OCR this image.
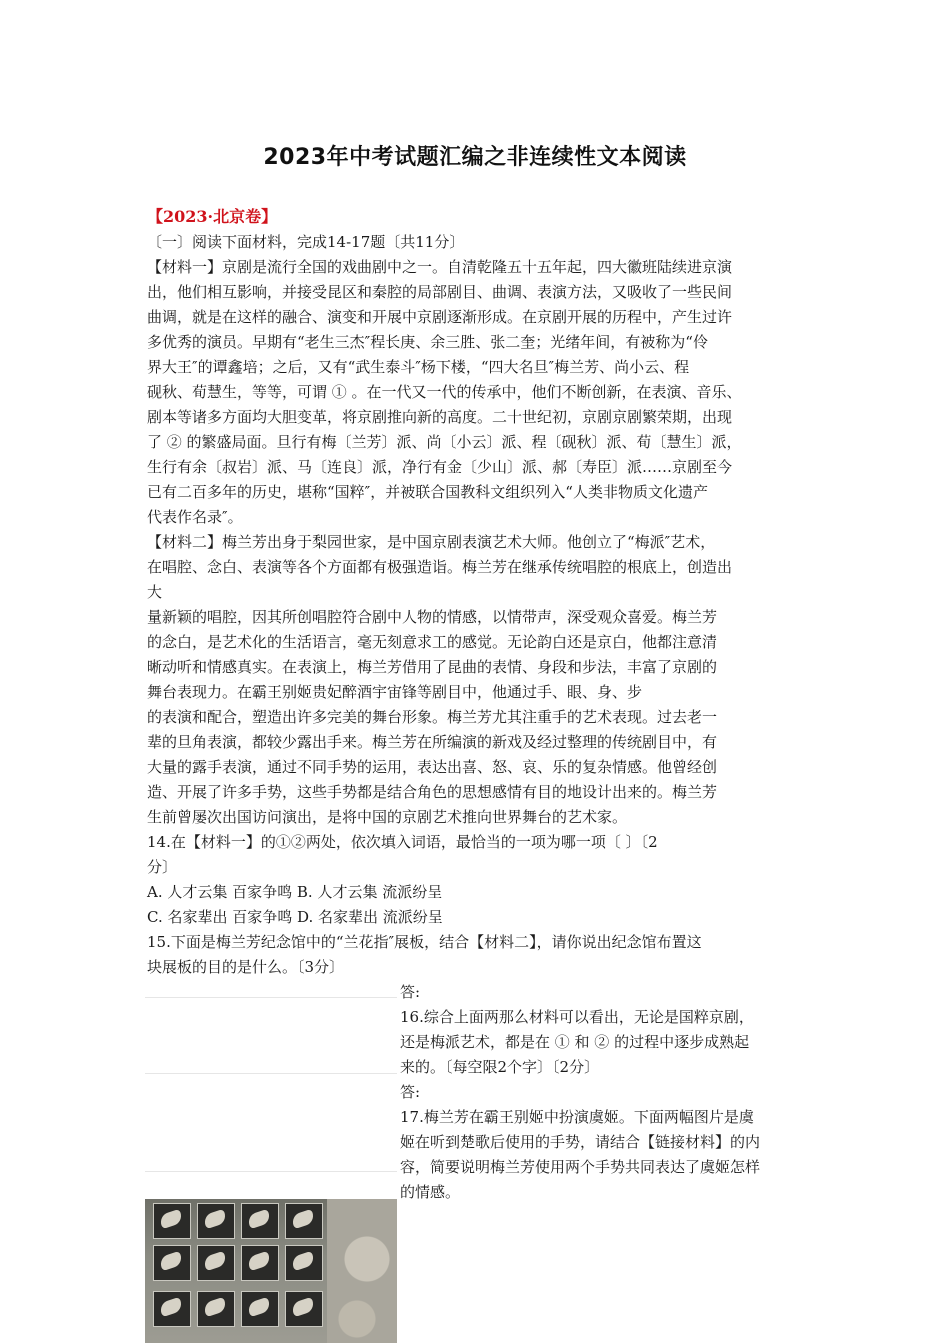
2023年中考试题汇编之非连续性文本阅读
【2023·北京卷】
〔一〕阅读下面材料，完成14-17题〔共11分〕
【材料一】京剧是流行全国的戏曲剧中之一。自清乾隆五十五年起，四大徽班陆续进京演
出，他们相互影响，并接受昆区和秦腔的局部剧目、曲调、表演方法，又吸收了一些民间
曲调，就是在这样的融合、演变和开展中京剧逐渐形成。在京剧开展的历程中，产生过许
多优秀的演员。早期有“老生三杰″程长庚、余三胜、张二奎；光绪年间，有被称为“伶
界大王″的谭鑫培；之后，又有“武生泰斗″杨下楼，“四大名旦″梅兰芳、尚小云、程
砚秋、荀慧生，等等，可谓 ① 。在一代又一代的传承中，他们不断创新，在表演、音乐、
剧本等诸多方面均大胆变革，将京剧推向新的高度。二十世纪初，京剧京剧繁荣期，出现
了 ② 的繁盛局面。旦行有梅〔兰芳〕派、尚〔小云〕派、程〔砚秋〕派、荀〔慧生〕派，
生行有余〔叔岩〕派、马〔连良〕派，净行有金〔少山〕派、郝〔寿臣〕派……京剧至今
已有二百多年的历史，堪称“国粹″，并被联合国教科文组织列入“人类非物质文化遗产
代表作名录″。
【材料二】梅兰芳出身于梨园世家，是中国京剧表演艺术大师。他创立了“梅派″艺术，
在唱腔、念白、表演等各个方面都有极强造诣。梅兰芳在继承传统唱腔的根底上，创造出
大
量新颖的唱腔，因其所创唱腔符合剧中人物的情感，以情带声，深受观众喜爱。梅兰芳
的念白，是艺术化的生活语言，毫无刻意求工的感觉。无论韵白还是京白，他都注意清
晰动听和情感真实。在表演上，梅兰芳借用了昆曲的表情、身段和步法，丰富了京剧的
舞台表现力。在霸王别姬贵妃醉酒宇宙锋等剧目中，他通过手、眼、身、步
的表演和配合，塑造出许多完美的舞台形象。梅兰芳尤其注重手的艺术表现。过去老一
辈的旦角表演，都较少露出手来。梅兰芳在所编演的新戏及经过整理的传统剧目中，有
大量的露手表演，通过不同手势的运用，表达出喜、怒、哀、乐的复杂情感。他曾经创
造、开展了许多手势，这些手势都是结合角色的思想感情有目的地设计出来的。梅兰芳
生前曾屡次出国访问演出，是将中国的京剧艺术推向世界舞台的艺术家。
14.在【材料一】的①②两处，依次填入词语，最恰当的一项为哪一项〔 〕〔2
分〕
A. 人才云集 百家争鸣 B. 人才云集 流派纷呈
C. 名家辈出 百家争鸣 D. 名家辈出 流派纷呈
15.下面是梅兰芳纪念馆中的“兰花指″展板，结合【材料二】，请你说出纪念馆布置这
块展板的目的是什么。〔3分〕
答:
16.综合上面两那么材料可以看出，无论是国粹京剧，
还是梅派艺术，都是在 ① 和 ② 的过程中逐步成熟起
来的。〔每空限2个字〕〔2分〕
答:
17.梅兰芳在霸王别姬中扮演虞姬。下面两幅图片是虞
姬在听到楚歌后使用的手势，请结合【链接材料】的内
容，简要说明梅兰芳使用两个手势共同表达了虞姬怎样
的情感。
